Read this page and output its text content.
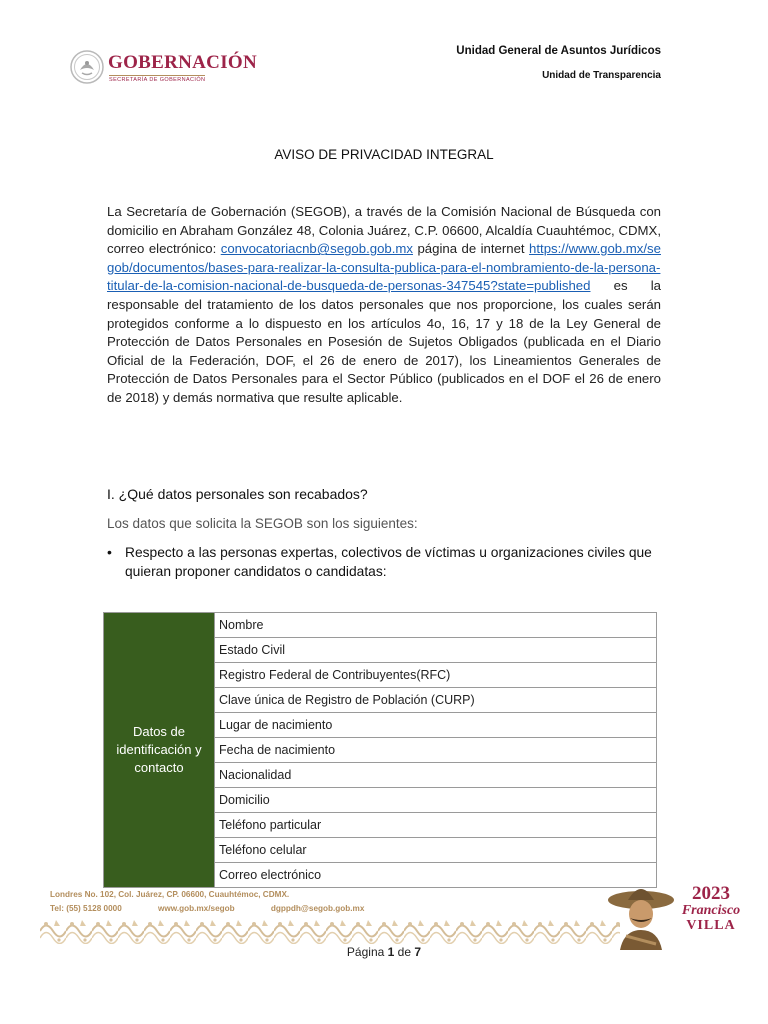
GOBERNACIÓN
SECRETARÍA DE GOBERNACIÓN
Unidad General de Asuntos Jurídicos
Unidad de Transparencia
AVISO DE PRIVACIDAD INTEGRAL
La Secretaría de Gobernación (SEGOB), a través de la Comisión Nacional de Búsqueda con domicilio en Abraham González 48, Colonia Juárez, C.P. 06600, Alcaldía Cuauhtémoc, CDMX, correo electrónico: convocatoriacnb@segob.gob.mx página de internet https://www.gob.mx/segob/documentos/bases-para-realizar-la-consulta-publica-para-el-nombramiento-de-la-persona-titular-de-la-comision-nacional-de-busqueda-de-personas-347545?state=published es la responsable del tratamiento de los datos personales que nos proporcione, los cuales serán protegidos conforme a lo dispuesto en los artículos 4o, 16, 17 y 18 de la Ley General de Protección de Datos Personales en Posesión de Sujetos Obligados (publicada en el Diario Oficial de la Federación, DOF, el 26 de enero de 2017), los Lineamientos Generales de Protección de Datos Personales para el Sector Público (publicados en el DOF el 26 de enero de 2018) y demás normativa que resulte aplicable.
I. ¿Qué datos personales son recabados?
Los datos que solicita la SEGOB son los siguientes:
• Respecto a las personas expertas, colectivos de víctimas u organizaciones civiles que quieran proponer candidatos o candidatas:
Datos de identificación y contacto	Nombre
Estado Civil
Registro Federal de Contribuyentes(RFC)
Clave única de Registro de Población (CURP)
Lugar de nacimiento
Fecha de nacimiento
Nacionalidad
Domicilio
Teléfono particular
Teléfono celular
Correo electrónico
Londres No. 102, Col. Juárez, CP. 06600, Cuauhtémoc, CDMX.
Tel: (55) 5128 0000	www.gob.mx/segob	dgppdh@segob.gob.mx
2023
Francisco
VILLA
Página 1 de 7
